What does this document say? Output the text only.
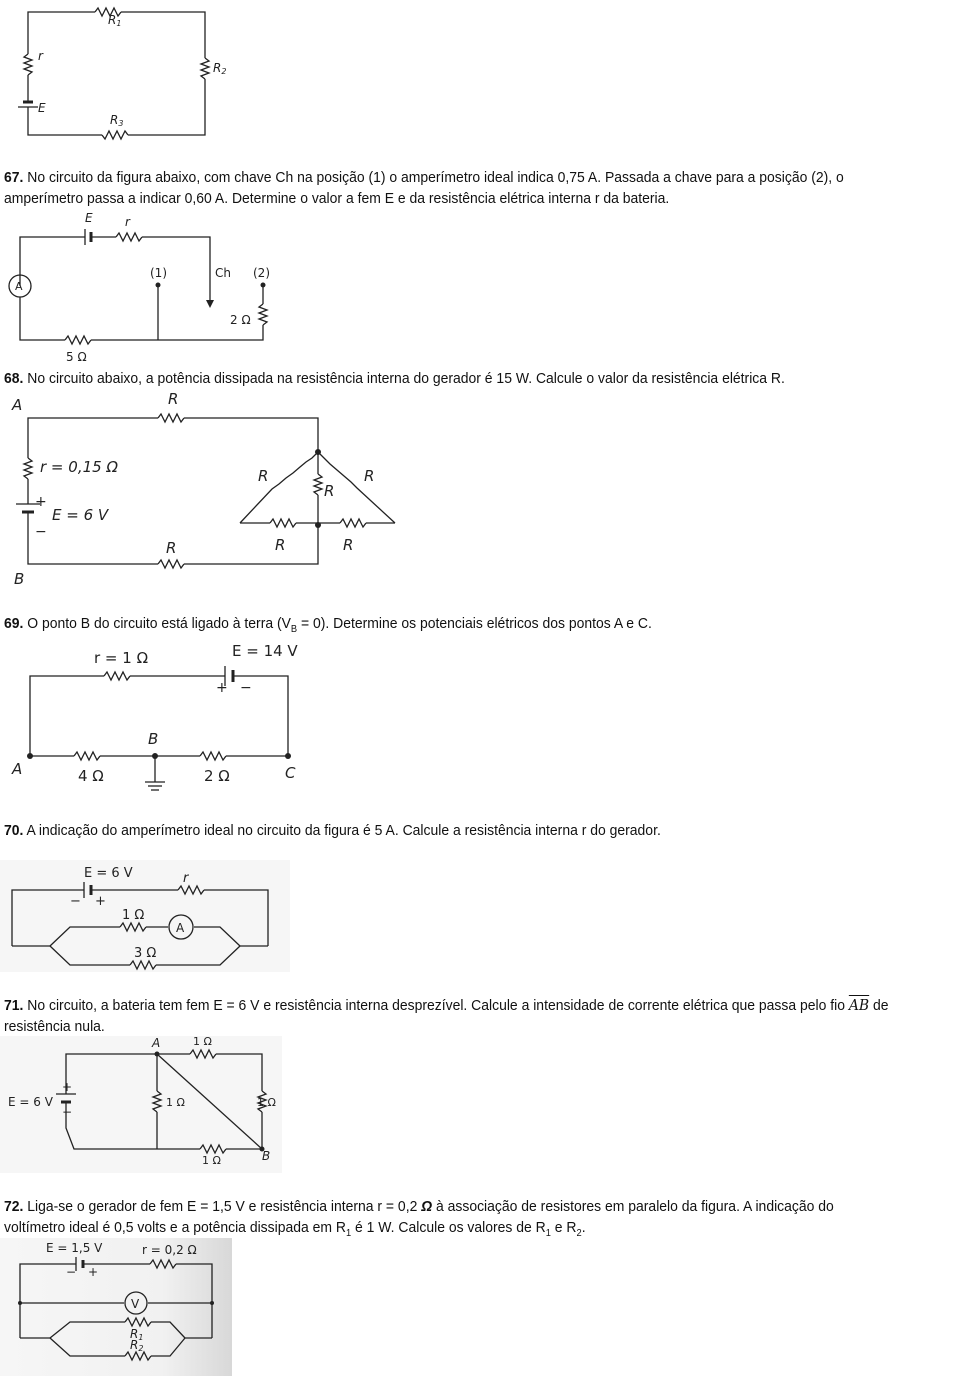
R1
r
R2
E
R3
67. No circuito da figura abaixo, com chave Ch na posição (1) o amperímetro ideal indica 0,75 A. Passada a chave para a posição (2), o amperímetro passa a indicar 0,60 A. Determine o valor a fem E e da resistência elétrica interna r da bateria.
E	r
A
(1)	Ch (2)
2 Ω
5 Ω
68. No circuito abaixo, a potência dissipada na resistência interna do gerador é 15 W. Calcule o valor da resistência elétrica R.
A	R
r = 0,15 Ω
+
E = 6 V
−
R
R
R
R	R
R
B
69. O ponto B do circuito está ligado à terra $(V_B = 0)$. Determine os potenciais elétricos dos pontos A e C.
r = 1 Ω	E = 14 V
+ −
B
A	4 Ω	2 Ω	C
70. A indicação do amperímetro ideal no circuito da figura é 5 A. Calcule a resistência interna r do gerador.
E = 6 V	r
− +
1 Ω
A
3 Ω
71. No circuito, a bateria tem fem E = 6 V e resistência interna desprezível. Calcule a intensidade de corrente elétrica que passa pelo fio $\overline{AB}$ de resistência nula.
A	1 Ω
+
E = 6 V
−
1 Ω	1 Ω
1 Ω	B
72. Liga-se o gerador de fem E = 1,5 V e resistência interna r = 0,2 Ω à associação de resistores em paralelo da figura. A indicação do voltímetro ideal é 0,5 volts e a potência dissipada em $R_1$ é 1 W. Calcule os valores de $R_1$ e $R_2$.
E = 1,5 V	r = 0,2 Ω
− +
V
R1
R2
